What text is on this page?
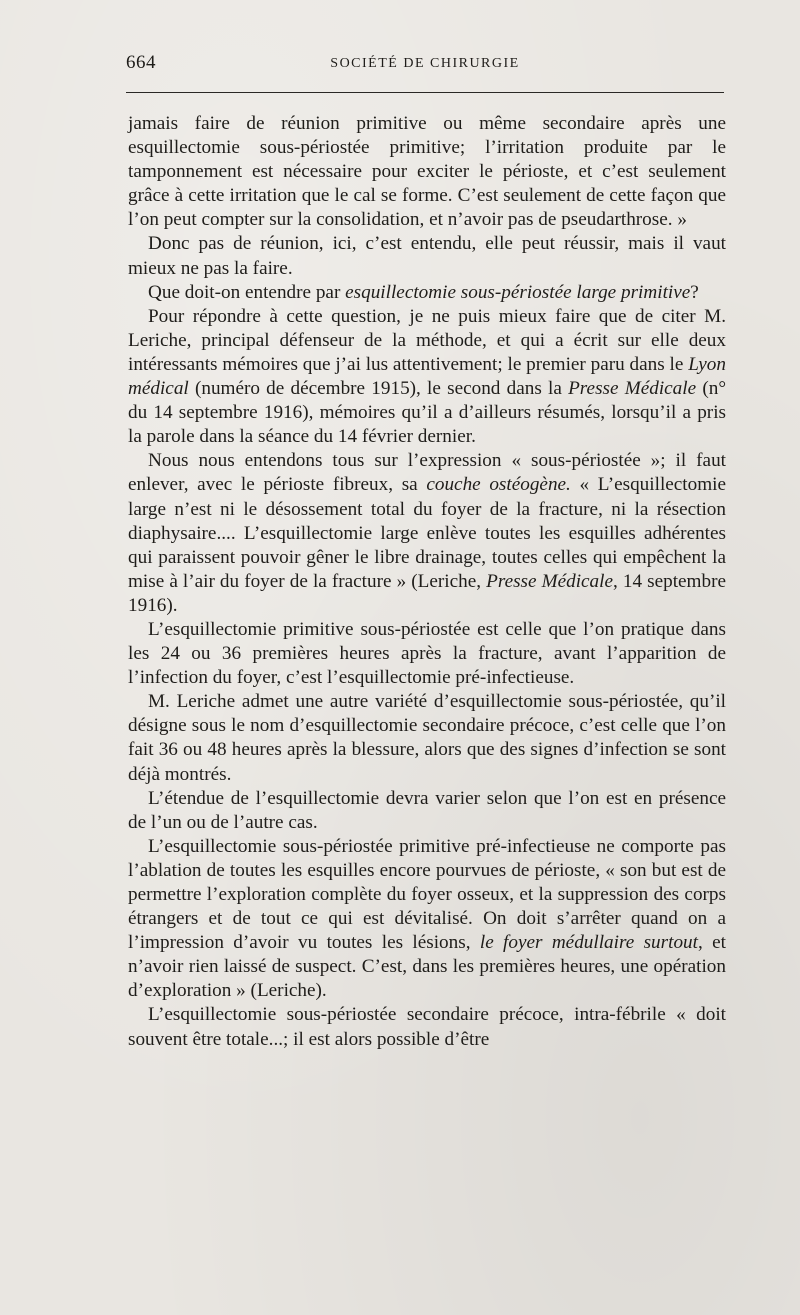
664	SOCIÉTÉ DE CHIRURGIE

jamais faire de réunion primitive ou même secondaire après une esquillectomie sous-périostée primitive; l’irritation produite par le tamponnement est nécessaire pour exciter le périoste, et c’est seulement grâce à cette irritation que le cal se forme. C’est seulement de cette façon que l’on peut compter sur la consolidation, et n’avoir pas de pseudarthrose. »

Donc pas de réunion, ici, c’est entendu, elle peut réussir, mais il vaut mieux ne pas la faire.

Que doit-on entendre par esquillectomie sous-périostée large primitive?

Pour répondre à cette question, je ne puis mieux faire que de citer M. Leriche, principal défenseur de la méthode, et qui a écrit sur elle deux intéressants mémoires que j’ai lus attentivement; le premier paru dans le Lyon médical (numéro de décembre 1915), le second dans la Presse Médicale (n° du 14 septembre 1916), mémoires qu’il a d’ailleurs résumés, lorsqu’il a pris la parole dans la séance du 14 février dernier.

Nous nous entendons tous sur l’expression « sous-périostée »; il faut enlever, avec le périoste fibreux, sa couche ostéogène. « L’esquillectomie large n’est ni le désossement total du foyer de la fracture, ni la résection diaphysaire.... L’esquillectomie large enlève toutes les esquilles adhérentes qui paraissent pouvoir gêner le libre drainage, toutes celles qui empêchent la mise à l’air du foyer de la fracture » (Leriche, Presse Médicale, 14 septembre 1916).

L’esquillectomie primitive sous-périostée est celle que l’on pratique dans les 24 ou 36 premières heures après la fracture, avant l’apparition de l’infection du foyer, c’est l’esquillectomie pré-infectieuse.

M. Leriche admet une autre variété d’esquillectomie sous-périostée, qu’il désigne sous le nom d’esquillectomie secondaire précoce, c’est celle que l’on fait 36 ou 48 heures après la blessure, alors que des signes d’infection se sont déjà montrés.

L’étendue de l’esquillectomie devra varier selon que l’on est en présence de l’un ou de l’autre cas.

L’esquillectomie sous-périostée primitive pré-infectieuse ne comporte pas l’ablation de toutes les esquilles encore pourvues de périoste, « son but est de permettre l’exploration complète du foyer osseux, et la suppression des corps étrangers et de tout ce qui est dévitalisé. On doit s’arrêter quand on a l’impression d’avoir vu toutes les lésions, le foyer médullaire surtout, et n’avoir rien laissé de suspect. C’est, dans les premières heures, une opération d’exploration » (Leriche).

L’esquillectomie sous-périostée secondaire précoce, intra-fébrile « doit souvent être totale...; il est alors possible d’être
